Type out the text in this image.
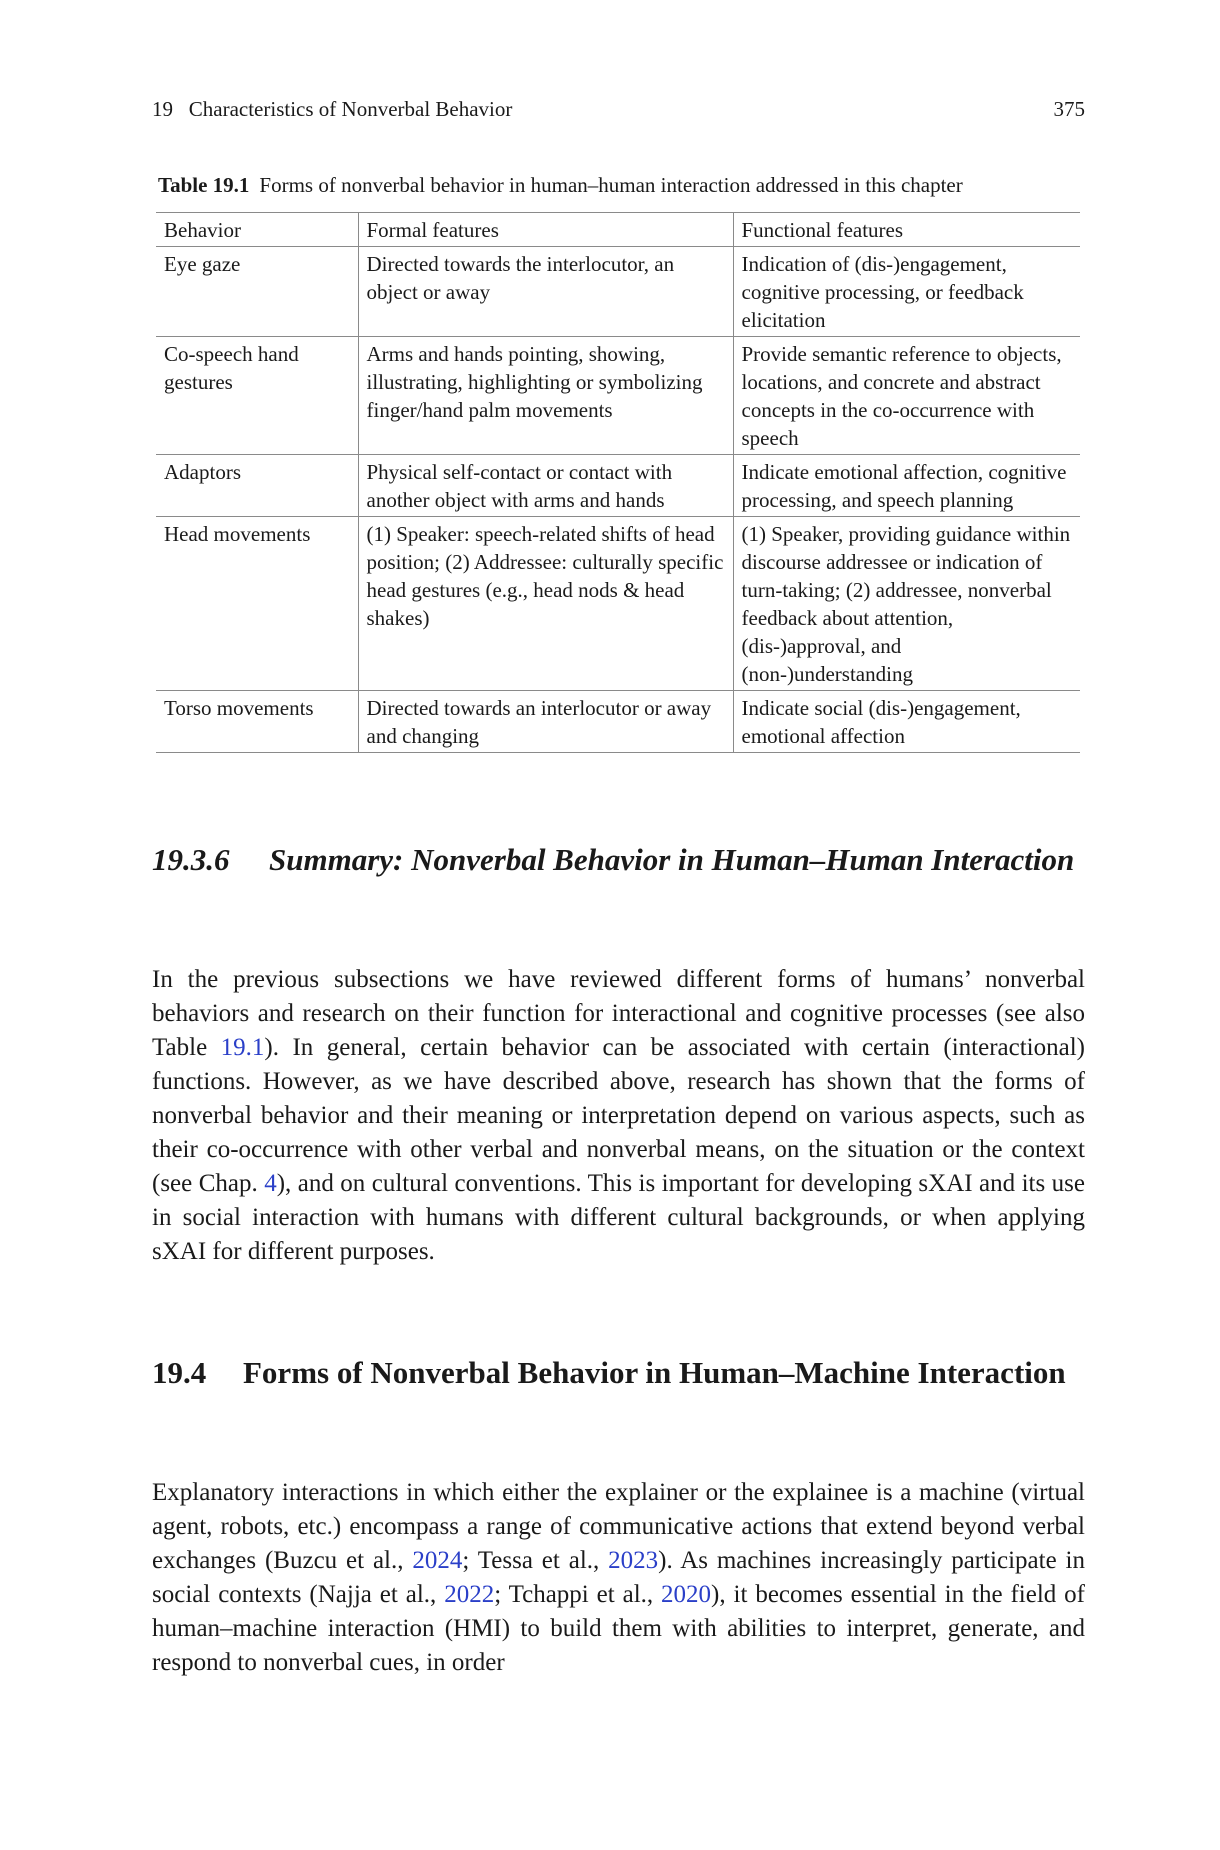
19   Characteristics of Nonverbal Behavior	375
Table 19.1 Forms of nonverbal behavior in human–human interaction addressed in this chapter
Behavior	Formal features	Functional features
Eye gaze	Directed towards the interlocutor, an object or away	Indication of (dis-)engagement, cognitive processing, or feedback elicitation
Co-speech hand gestures	Arms and hands pointing, showing, illustrating, highlighting or symbolizing finger/hand palm movements	Provide semantic reference to objects, locations, and concrete and abstract concepts in the co-occurrence with speech
Adaptors	Physical self-contact or contact with another object with arms and hands	Indicate emotional affection, cognitive processing, and speech planning
Head movements	(1) Speaker: speech-related shifts of head position; (2) Addressee: culturally specific head gestures (e.g., head nods & head shakes)	(1) Speaker, providing guidance within discourse addressee or indication of turn-taking; (2) addressee, nonverbal feedback about attention, (dis-)approval, and (non-)understanding
Torso movements	Directed towards an interlocutor or away and changing	Indicate social (dis-)engagement, emotional affection
19.3.6	Summary: Nonverbal Behavior in Human–Human Interaction

In the previous subsections we have reviewed different forms of humans’ nonverbal behaviors and research on their function for interactional and cognitive processes (see also Table 19.1). In general, certain behavior can be associated with certain (interactional) functions. However, as we have described above, research has shown that the forms of nonverbal behavior and their meaning or interpretation depend on various aspects, such as their co-occurrence with other verbal and nonverbal means, on the situation or the context (see Chap. 4), and on cultural conventions. This is important for developing sXAI and its use in social interaction with humans with different cultural backgrounds, or when applying sXAI for different purposes.

19.4	Forms of Nonverbal Behavior in Human–Machine Interaction

Explanatory interactions in which either the explainer or the explainee is a machine (virtual agent, robots, etc.) encompass a range of communicative actions that extend beyond verbal exchanges (Buzcu et al., 2024; Tessa et al., 2023). As machines increasingly participate in social contexts (Najja et al., 2022; Tchappi et al., 2020), it becomes essential in the field of human–machine interaction (HMI) to build them with abilities to interpret, generate, and respond to nonverbal cues, in order
